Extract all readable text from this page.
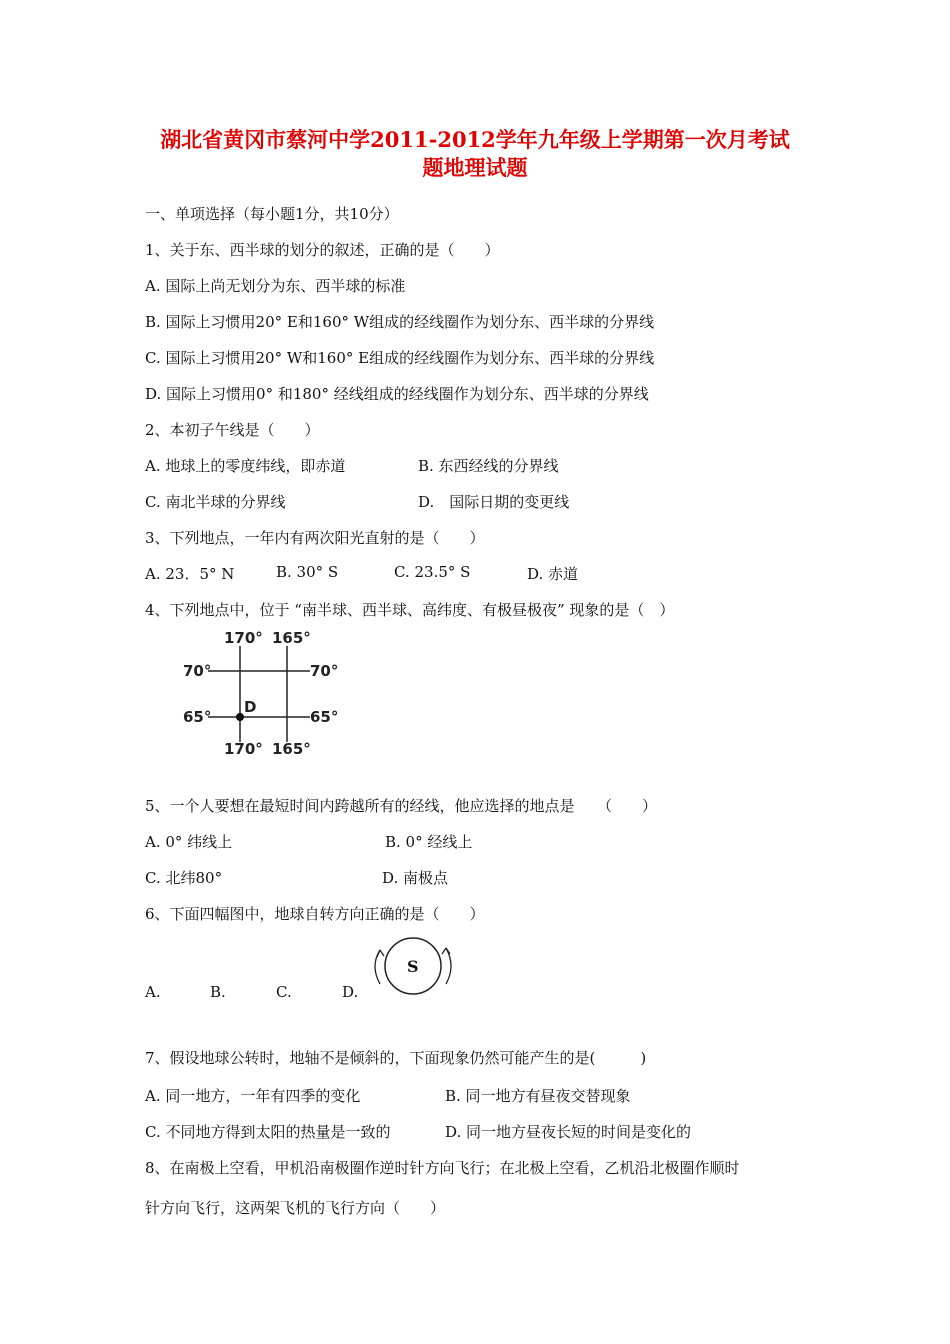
湖北省黄冈市蔡河中学2011-2012学年九年级上学期第一次月考试
题地理试题
一、单项选择（每小题1分，共10分）
1、关于东、西半球的划分的叙述，正确的是（　　）
A. 国际上尚无划分为东、西半球的标准
B. 国际上习惯用20° E和160° W组成的经线圈作为划分东、西半球的分界线
C. 国际上习惯用20° W和160° E组成的经线圈作为划分东、西半球的分界线
D. 国际上习惯用0° 和180° 经线组成的经线圈作为划分东、西半球的分界线
2、本初子午线是（　　）
A. 地球上的零度纬线，即赤道	B. 东西经线的分界线
C. 南北半球的分界线	D.　国际日期的变更线
3、下列地点，一年内有两次阳光直射的是（　　）
A. 23．5° N	B. 30° S	C. 23.5° S	D. 赤道
4、下列地点中，位于 “南半球、西半球、高纬度、有极昼极夜” 现象的是（　）
170° 165°
70°	70°
65°	65°
D
170° 165°
5、一个人要想在最短时间内跨越所有的经线，他应选择的地点是　　（　　）
A. 0° 纬线上	B. 0° 经线上
C. 北纬80°	D. 南极点
6、下面四幅图中，地球自转方向正确的是（　　）
A.	B.	C.	D.
S
7、假设地球公转时，地轴不是倾斜的，下面现象仍然可能产生的是(　　　)
A. 同一地方，一年有四季的变化	B. 同一地方有昼夜交替现象
C. 不同地方得到太阳的热量是一致的	D. 同一地方昼夜长短的时间是变化的
8、在南极上空看，甲机沿南极圈作逆时针方向飞行；在北极上空看，乙机沿北极圈作顺时
针方向飞行，这两架飞机的飞行方向（　　）
